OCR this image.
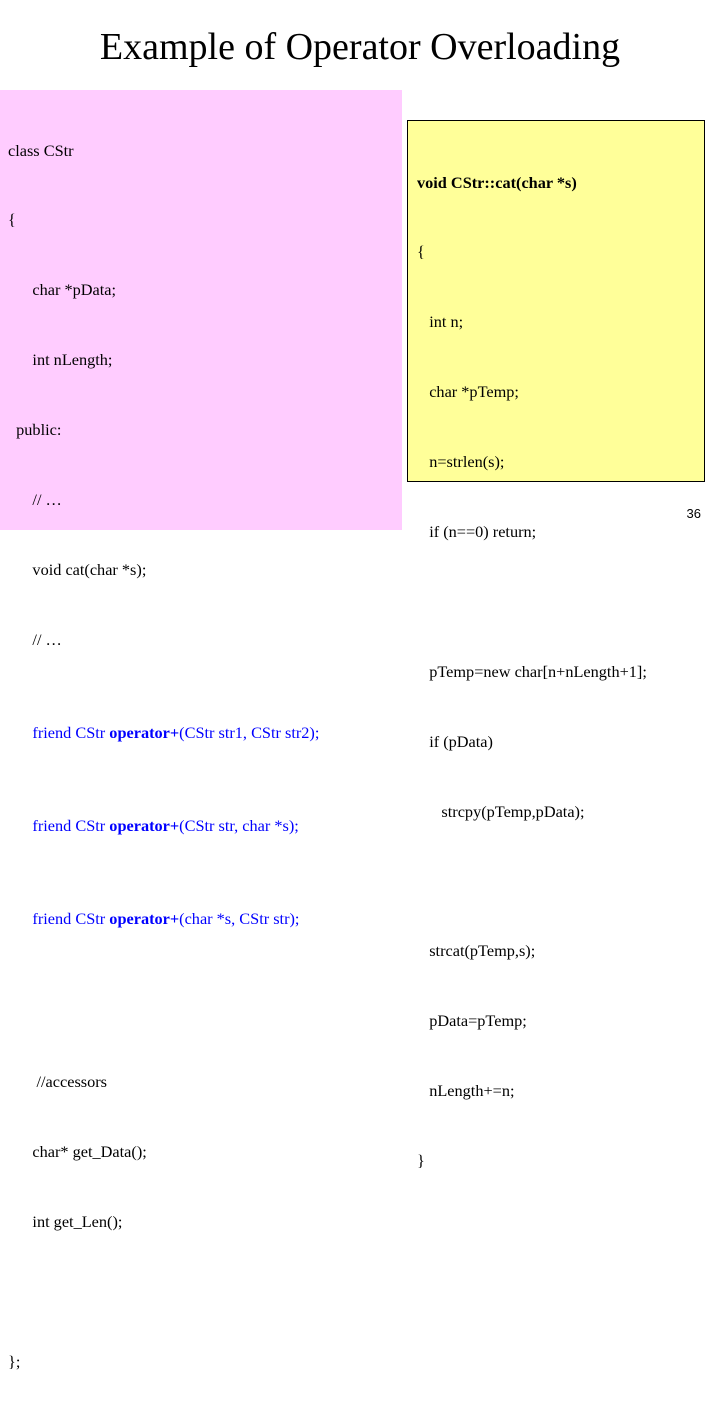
Example of Operator Overloading

class CStr

{

char *pData;

int nLength;

public:

// …

void cat(char *s);

// …

friend CStr operator+(CStr str1, CStr str2);

friend CStr operator+(CStr str, char *s);

friend CStr operator+(char *s, CStr str);

//accessors

char* get_Data();

int get_Len();

};

void CStr::cat(char *s)

{

int n;

char *pTemp;

n=strlen(s);

if (n==0) return;

pTemp=new char[n+nLength+1];

if (pData)

strcpy(pTemp,pData);

strcat(pTemp,s);

pData=pTemp;

nLength+=n;

}

36
